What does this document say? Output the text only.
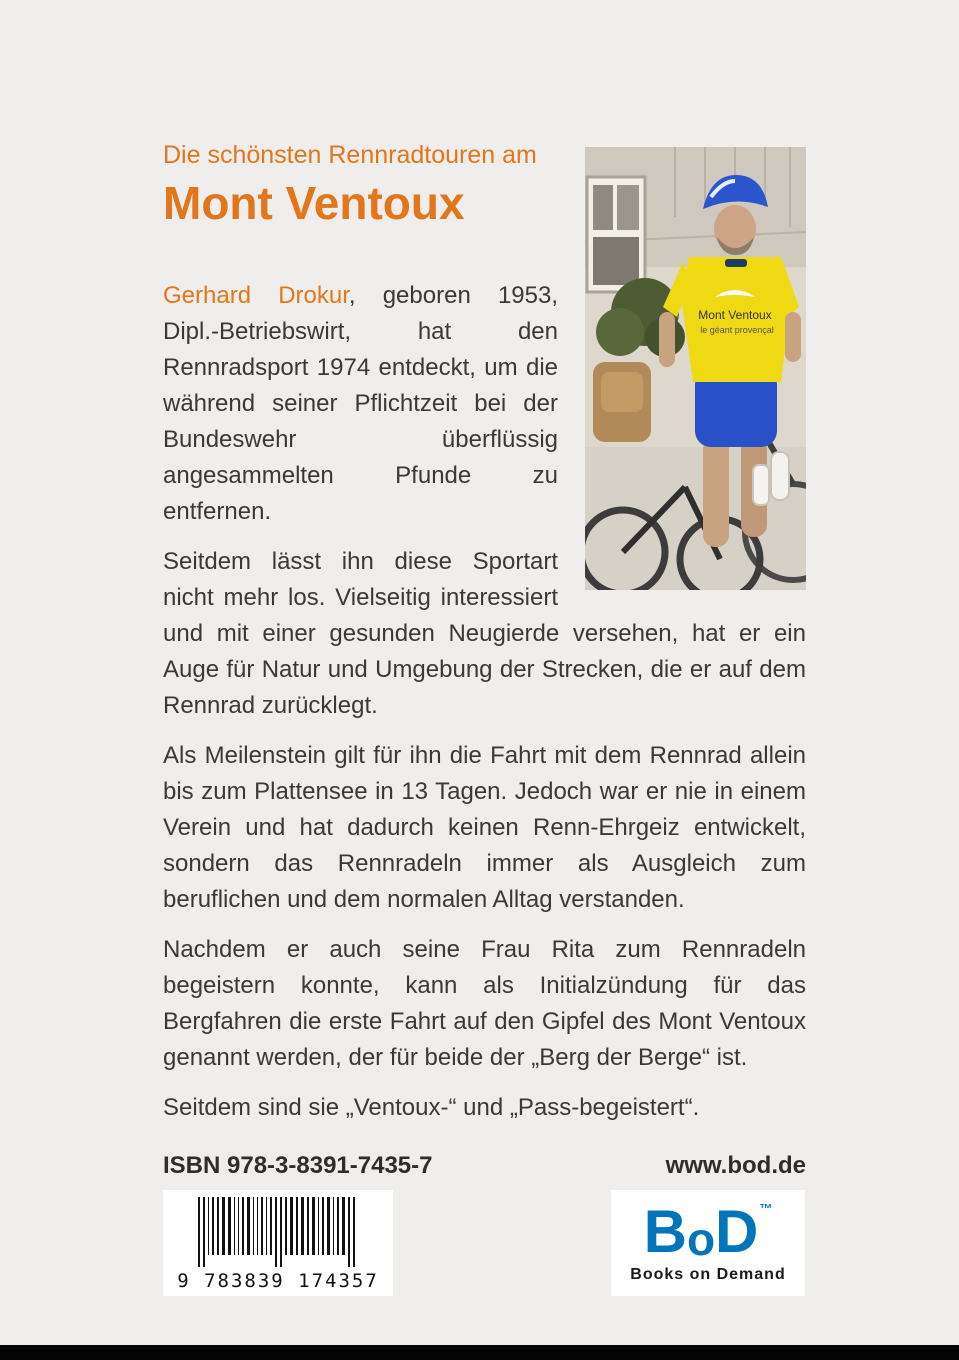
Mont Ventoux
le géant provençal

Die schönsten Rennradtouren am

Mont Ventoux

Gerhard Drokur, geboren 1953, Dipl.-Betriebswirt, hat den Rennradsport 1974 entdeckt, um die während seiner Pflichtzeit bei der Bundeswehr überflüssig angesammelten Pfunde zu entfernen.

Seitdem lässt ihn diese Sportart nicht mehr los. Vielseitig interessiert und mit einer gesunden Neugierde versehen, hat er ein Auge für Natur und Umgebung der Strecken, die er auf dem Rennrad zurücklegt.

Als Meilenstein gilt für ihn die Fahrt mit dem Rennrad allein bis zum Plattensee in 13 Tagen. Jedoch war er nie in einem Verein und hat dadurch keinen Renn-Ehrgeiz entwickelt, sondern das Rennradeln immer als Ausgleich zum beruflichen und dem normalen Alltag verstanden.

Nachdem er auch seine Frau Rita zum Rennradeln begeistern konnte, kann als Initialzündung für das Bergfahren die erste Fahrt auf den Gipfel des Mont Ventoux genannt werden, der für beide der „Berg der Berge“ ist.

Seitdem sind sie „Ventoux-“ und „Pass-begeistert“.

ISBN 978-3-8391-7435-7	www.bod.de
9 783839 174357
B o D ™
Books on Demand
